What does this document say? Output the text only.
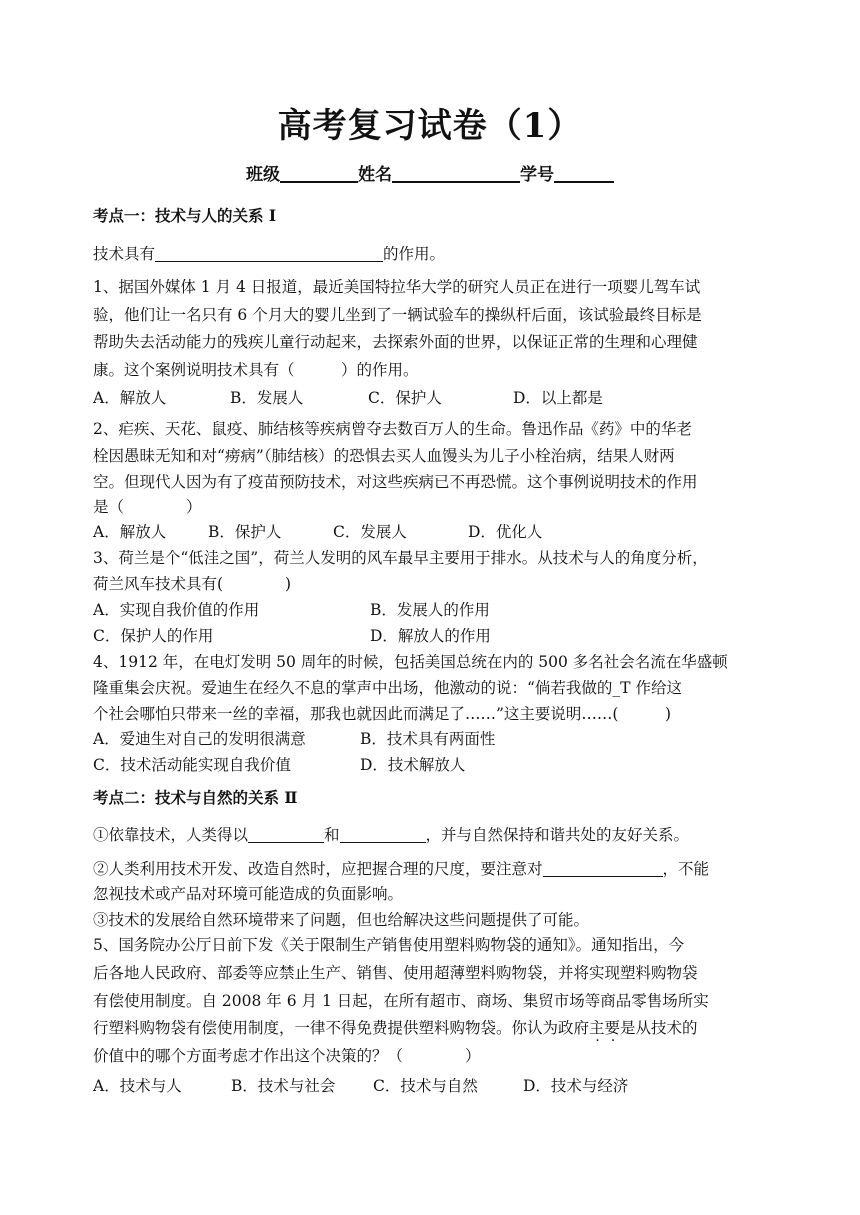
高考复习试卷（1）
班级	姓名	学号
考点一：技术与人的关系 Ⅰ
技术具有	的作用。
1、据国外媒体 1 月 4 日报道，最近美国特拉华大学的研究人员正在进行一项婴儿驾车试
验，他们让一名只有 6 个月大的婴儿坐到了一辆试验车的操纵杆后面，该试验最终目标是
帮助失去活动能力的残疾儿童行动起来，去探索外面的世界，以保证正常的生理和心理健
康。这个案例说明技术具有（　　　）的作用。
A．解放人	B．发展人	C．保护人	D．以上都是
2、疟疾、天花、鼠疫、肺结核等疾病曾夺去数百万人的生命。鲁迅作品《药》中的华老
栓因愚昧无知和对“痨病”（肺结核）的恐惧去买人血馒头为儿子小栓治病，结果人财两
空。但现代人因为有了疫苗预防技术，对这些疾病已不再恐慌。这个事例说明技术的作用
是（　　　　）
A．解放人	B．保护人	C．发展人	D．优化人
3、荷兰是个“低洼之国”，荷兰人发明的风车最早主要用于排水。从技术与人的角度分析，
荷兰风车技术具有(　　　　)
A．实现自我价值的作用	B．发展人的作用
C．保护人的作用	D．解放人的作用
4、1912 年，在电灯发明 50 周年的时候，包括美国总统在内的 500 多名社会名流在华盛顿
隆重集会庆祝。爱迪生在经久不息的掌声中出场，他激动的说：“倘若我做的_T 作给这
个社会哪怕只带来一丝的幸福，那我也就因此而满足了……”这主要说明……(　　　)
A．爱迪生对自己的发明很满意	B．技术具有两面性
C．技术活动能实现自我价值	D．技术解放人
考点二：技术与自然的关系 Ⅱ
①依靠技术，人类得以	和	，并与自然保持和谐共处的友好关系。
②人类利用技术开发、改造自然时，应把握合理的尺度，要注意对	，不能
忽视技术或产品对环境可能造成的负面影响。
③技术的发展给自然环境带来了问题，但也给解决这些问题提供了可能。
5、国务院办公厅日前下发《关于限制生产销售使用塑料购物袋的通知》。通知指出，今
后各地人民政府、部委等应禁止生产、销售、使用超薄塑料购物袋，并将实现塑料购物袋
有偿使用制度。自 2008 年 6 月 1 日起，在所有超市、商场、集贸市场等商品零售场所实
行塑料购物袋有偿使用制度，一律不得免费提供塑料购物袋。你认为政府主要是从技术的
价值中的哪个方面考虑才作出这个决策的？（　　　　）
A．技术与人	B．技术与社会 C．技术与自然	D．技术与经济
